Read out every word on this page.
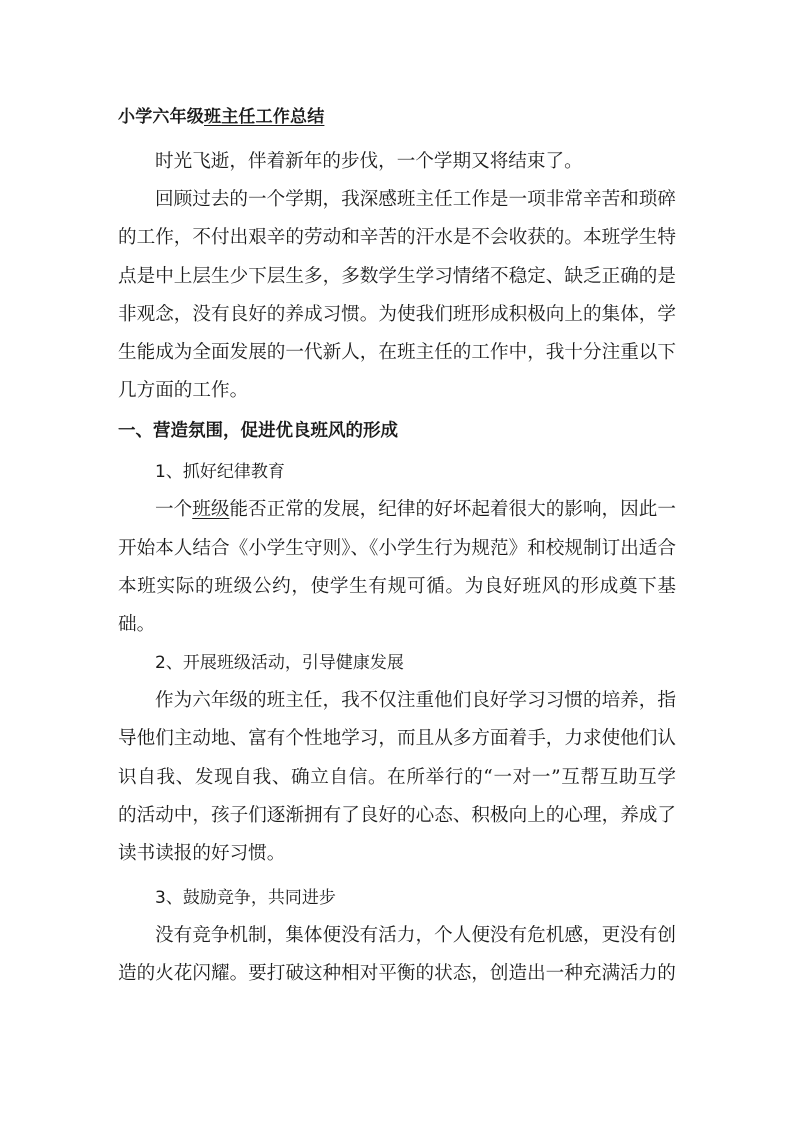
小学六年级班主任工作总结

时光飞逝，伴着新年的步伐，一个学期又将结束了。

回顾过去的一个学期，我深感班主任工作是一项非常辛苦和琐碎的工作，不付出艰辛的劳动和辛苦的汗水是不会收获的。本班学生特点是中上层生少下层生多，多数学生学习情绪不稳定、缺乏正确的是非观念，没有良好的养成习惯。为使我们班形成积极向上的集体，学生能成为全面发展的一代新人，在班主任的工作中，我十分注重以下几方面的工作。

一、营造氛围，促进优良班风的形成
1、抓好纪律教育

一个班级能否正常的发展，纪律的好坏起着很大的影响，因此一开始本人结合《小学生守则》、《小学生行为规范》和校规制订出适合本班实际的班级公约，使学生有规可循。为良好班风的形成奠下基础。

2、开展班级活动，引导健康发展

作为六年级的班主任，我不仅注重他们良好学习习惯的培养，指导他们主动地、富有个性地学习，而且从多方面着手，力求使他们认识自我、发现自我、确立自信。在所举行的“一对一”互帮互助互学的活动中，孩子们逐渐拥有了良好的心态、积极向上的心理，养成了读书读报的好习惯。

3、鼓励竞争，共同进步

没有竞争机制，集体便没有活力，个人便没有危机感，更没有创造的火花闪耀。要打破这种相对平衡的状态，创造出一种充满活力的
